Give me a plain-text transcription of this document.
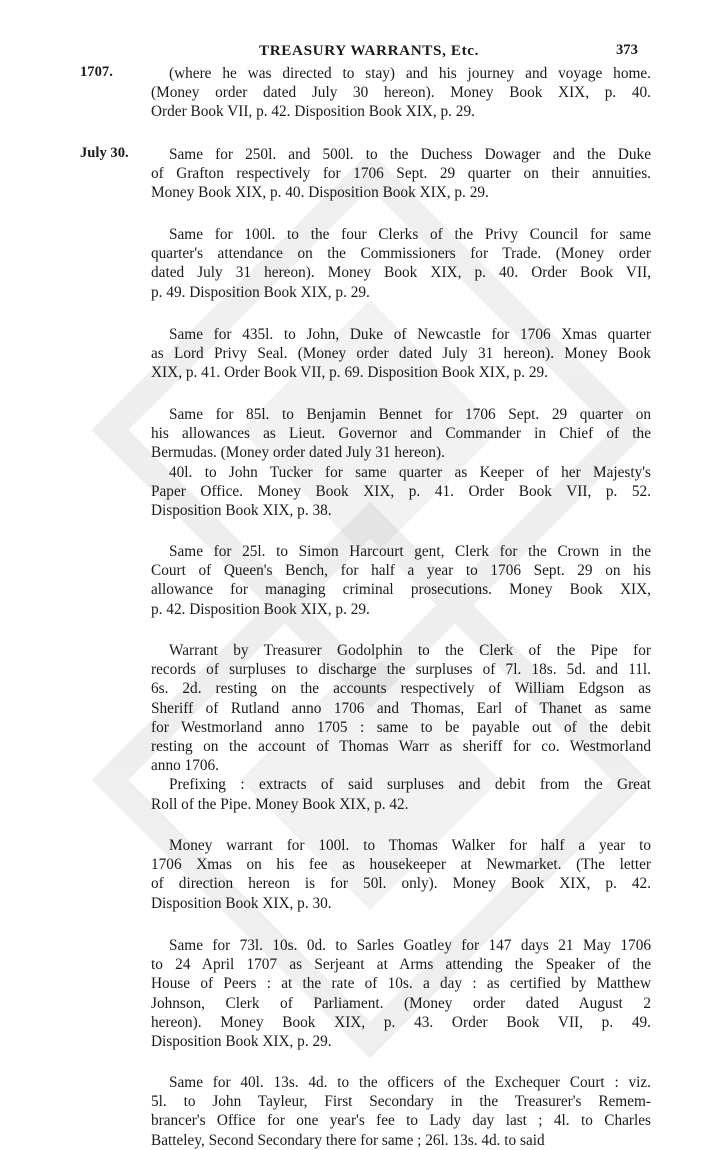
TREASURY WARRANTS, Etc.	373
1707.
July 30.
(where he was directed to stay) and his journey and voyage home.
(Money order dated July 30 hereon). Money Book XIX, p. 40.
Order Book VII, p. 42. Disposition Book XIX, p. 29.
Same for 250l. and 500l. to the Duchess Dowager and the Duke
of Grafton respectively for 1706 Sept. 29 quarter on their annuities.
Money Book XIX, p. 40. Disposition Book XIX, p. 29.
Same for 100l. to the four Clerks of the Privy Council for same
quarter's attendance on the Commissioners for Trade. (Money order
dated July 31 hereon). Money Book XIX, p. 40. Order Book VII,
p. 49. Disposition Book XIX, p. 29.
Same for 435l. to John, Duke of Newcastle for 1706 Xmas quarter
as Lord Privy Seal. (Money order dated July 31 hereon). Money Book
XIX, p. 41. Order Book VII, p. 69. Disposition Book XIX, p. 29.
Same for 85l. to Benjamin Bennet for 1706 Sept. 29 quarter on
his allowances as Lieut. Governor and Commander in Chief of the
Bermudas. (Money order dated July 31 hereon).
40l. to John Tucker for same quarter as Keeper of her Majesty's
Paper Office. Money Book XIX, p. 41. Order Book VII, p. 52.
Disposition Book XIX, p. 38.
Same for 25l. to Simon Harcourt gent, Clerk for the Crown in the
Court of Queen's Bench, for half a year to 1706 Sept. 29 on his
allowance for managing criminal prosecutions. Money Book XIX,
p. 42. Disposition Book XIX, p. 29.
Warrant by Treasurer Godolphin to the Clerk of the Pipe for
records of surpluses to discharge the surpluses of 7l. 18s. 5d. and 11l.
6s. 2d. resting on the accounts respectively of William Edgson as
Sheriff of Rutland anno 1706 and Thomas, Earl of Thanet as same
for Westmorland anno 1705 : same to be payable out of the debit
resting on the account of Thomas Warr as sheriff for co. Westmorland
anno 1706.
Prefixing : extracts of said surpluses and debit from the Great
Roll of the Pipe. Money Book XIX, p. 42.
Money warrant for 100l. to Thomas Walker for half a year to
1706 Xmas on his fee as housekeeper at Newmarket. (The letter
of direction hereon is for 50l. only). Money Book XIX, p. 42.
Disposition Book XIX, p. 30.
Same for 73l. 10s. 0d. to Sarles Goatley for 147 days 21 May 1706
to 24 April 1707 as Serjeant at Arms attending the Speaker of the
House of Peers : at the rate of 10s. a day : as certified by Matthew
Johnson, Clerk of Parliament. (Money order dated August 2
hereon). Money Book XIX, p. 43. Order Book VII, p. 49.
Disposition Book XIX, p. 29.
Same for 40l. 13s. 4d. to the officers of the Exchequer Court : viz.
5l. to John Tayleur, First Secondary in the Treasurer's Remem-
brancer's Office for one year's fee to Lady day last ; 4l. to Charles
Batteley, Second Secondary there for same ; 26l. 13s. 4d. to said
